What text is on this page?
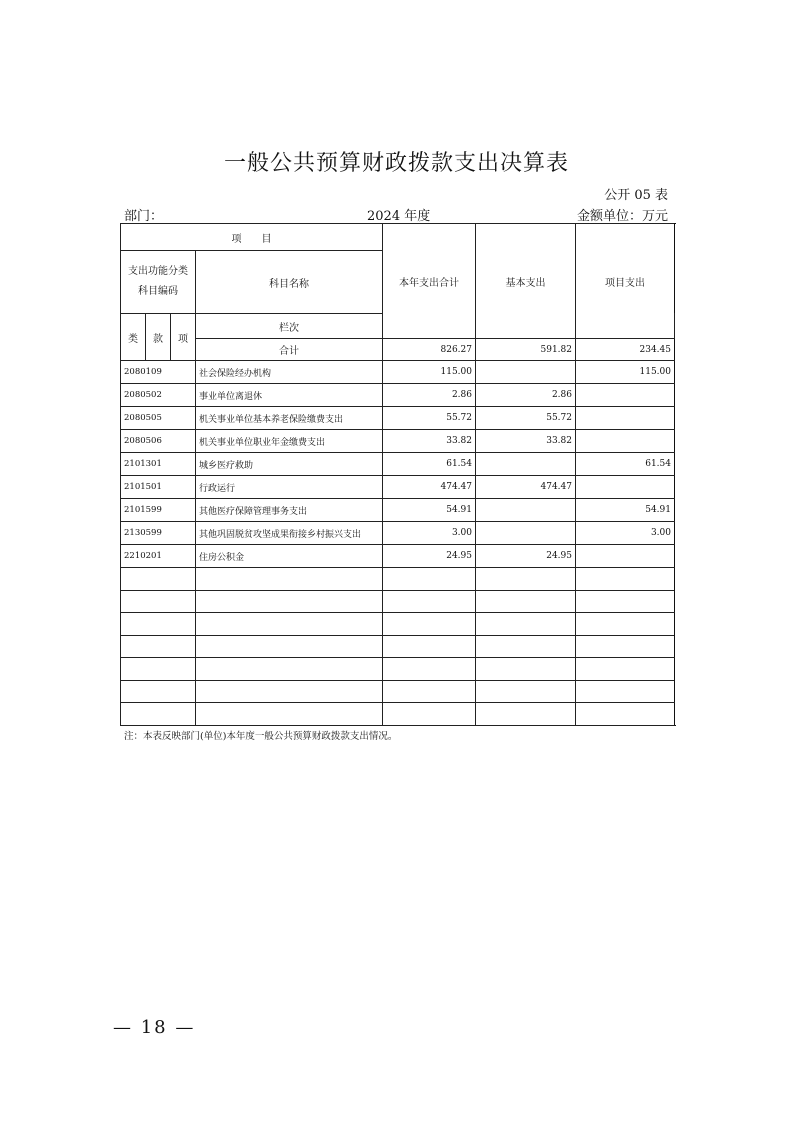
一般公共预算财政拨款支出决算表
公开 05 表
部门：	2024 年度	金额单位：万元
项　　目				本年支出合计	基本支出	项目支出	
支出功能分类
科目编码			科目名称				
类	款	项	栏次			
			合计	826.27	591.82	234.45	
2080109			社会保险经办机构	115.00		115.00	
2080502			事业单位离退休	2.86	2.86		
2080505			机关事业单位基本养老保险缴费支出	55.72	55.72		
2080506			机关事业单位职业年金缴费支出	33.82	33.82		
2101301			城乡医疗救助	61.54		61.54	
2101501			行政运行	474.47	474.47		
2101599			其他医疗保障管理事务支出	54.91		54.91	
2130599			其他巩固脱贫攻坚成果衔接乡村振兴支出	3.00		3.00	
2210201			住房公积金	24.95	24.95		

注：本表反映部门(单位)本年度一般公共预算财政拨款支出情况。
— 18 —
